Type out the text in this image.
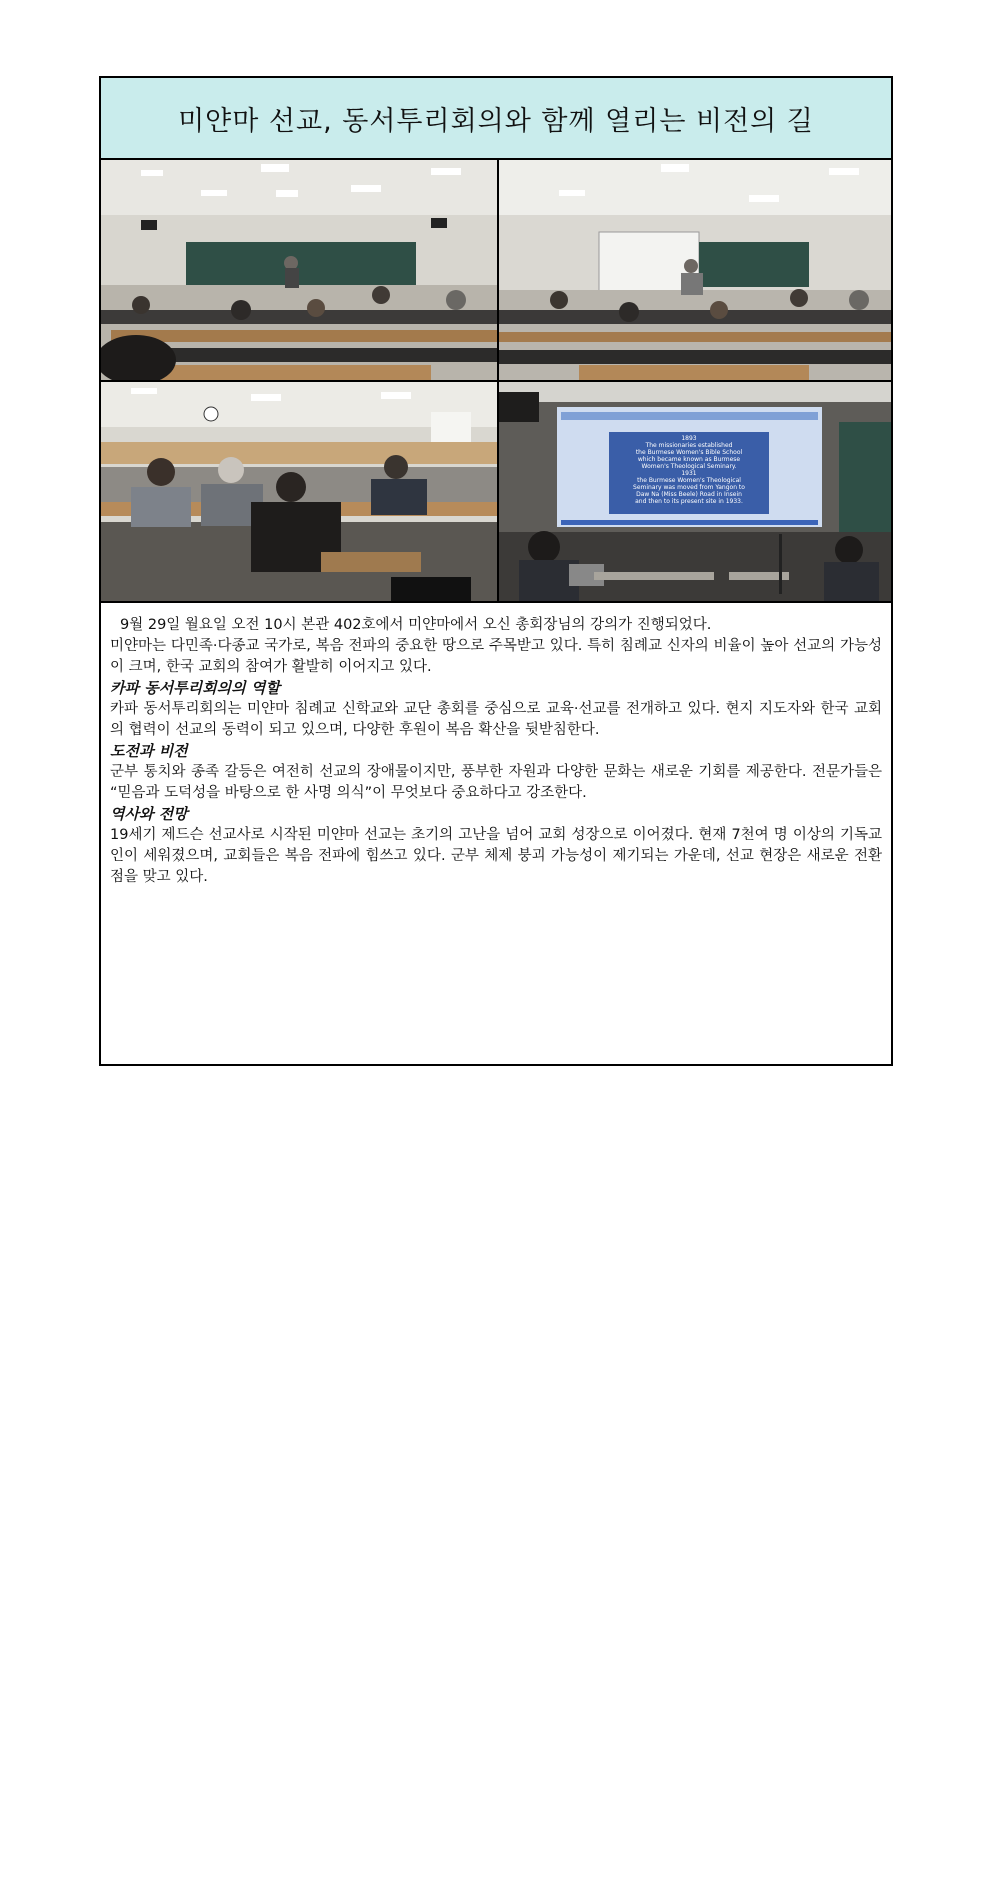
미얀마 선교, 동서투리회의와 함께 열리는 비전의 길
1893
The missionaries established
the Burmese Women's Bible School
which became known as Burmese
Women's Theological Seminary.
1931
the Burmese Women's Theological
Seminary was moved from Yangon to
Daw Na (Miss Beele) Road in Insein
and then to its present site in 1933.

9월 29일 월요일 오전 10시 본관 402호에서 미얀마에서 오신 총회장님의 강의가 진행되었다.

미얀마는 다민족·다종교 국가로, 복음 전파의 중요한 땅으로 주목받고 있다. 특히 침례교 신자의 비율이 높아 선교의 가능성이 크며, 한국 교회의 참여가 활발히 이어지고 있다.

카파 동서투리회의의 역할

카파 동서투리회의는 미얀마 침례교 신학교와 교단 총회를 중심으로 교육·선교를 전개하고 있다. 현지 지도자와 한국 교회의 협력이 선교의 동력이 되고 있으며, 다양한 후원이 복음 확산을 뒷받침한다.

도전과 비전

군부 통치와 종족 갈등은 여전히 선교의 장애물이지만, 풍부한 자원과 다양한 문화는 새로운 기회를 제공한다. 전문가들은 “믿음과 도덕성을 바탕으로 한 사명 의식”이 무엇보다 중요하다고 강조한다.

역사와 전망

19세기 제드슨 선교사로 시작된 미얀마 선교는 초기의 고난을 넘어 교회 성장으로 이어졌다. 현재 7천여 명 이상의 기독교인이 세워졌으며, 교회들은 복음 전파에 힘쓰고 있다. 군부 체제 붕괴 가능성이 제기되는 가운데, 선교 현장은 새로운 전환점을 맞고 있다.
